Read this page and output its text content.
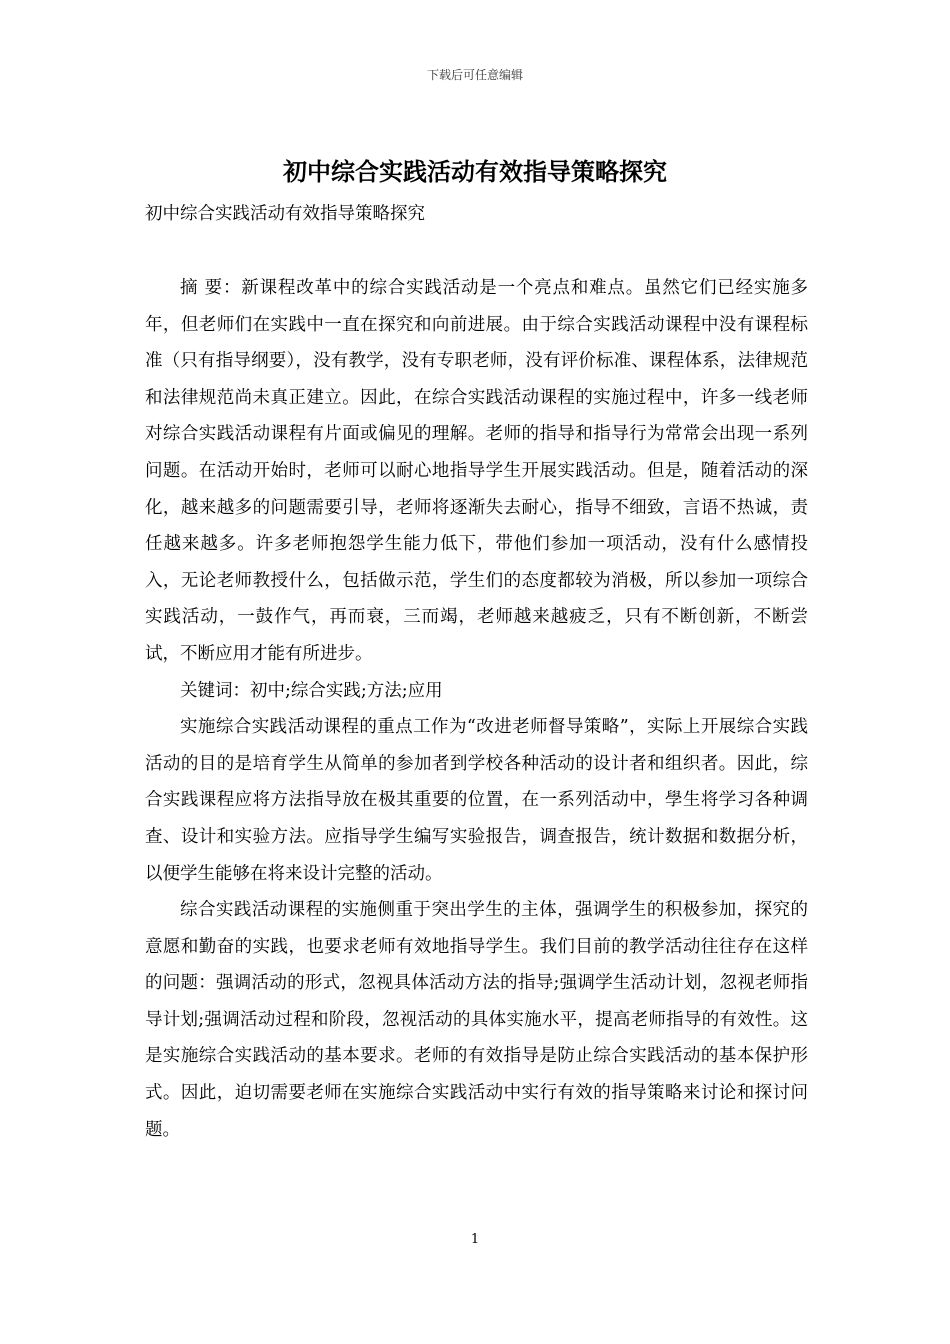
下载后可任意编辑
初中综合实践活动有效指导策略探究
初中综合实践活动有效指导策略探究

摘 要：新课程改革中的综合实践活动是一个亮点和难点。虽然它们已经实施多年，但老师们在实践中一直在探究和向前进展。由于综合实践活动课程中没有课程标准（只有指导纲要），没有教学，没有专职老师，没有评价标准、课程体系，法律规范和法律规范尚未真正建立。因此，在综合实践活动课程的实施过程中，许多一线老师对综合实践活动课程有片面或偏见的理解。老师的指导和指导行为常常会出现一系列问题。在活动开始时，老师可以耐心地指导学生开展实践活动。但是，随着活动的深化，越来越多的问题需要引导，老师将逐渐失去耐心，指导不细致，言语不热诚，责任越来越多。许多老师抱怨学生能力低下，带他们参加一项活动，没有什么感情投入，无论老师教授什么，包括做示范，学生们的态度都较为消极，所以参加一项综合实践活动，一鼓作气，再而衰，三而竭，老师越来越疲乏，只有不断创新，不断尝试，不断应用才能有所进步。

关键词：初中;综合实践;方法;应用

实施综合实践活动课程的重点工作为“改进老师督导策略”，实际上开展综合实践活动的目的是培育学生从简单的参加者到学校各种活动的设计者和组织者。因此，综合实践课程应将方法指导放在极其重要的位置，在一系列活动中，學生将学习各种调查、设计和实验方法。应指导学生编写实验报告，调查报告，统计数据和数据分析，以便学生能够在将来设计完整的活动。

综合实践活动课程的实施侧重于突出学生的主体，强调学生的积极参加，探究的意愿和勤奋的实践，也要求老师有效地指导学生。我们目前的教学活动往往存在这样的问题：强调活动的形式，忽视具体活动方法的指导;强调学生活动计划，忽视老师指导计划;强调活动过程和阶段，忽视活动的具体实施水平，提高老师指导的有效性。这是实施综合实践活动的基本要求。老师的有效指导是防止综合实践活动的基本保护形式。因此，迫切需要老师在实施综合实践活动中实行有效的指导策略来讨论和探讨问题。

1
